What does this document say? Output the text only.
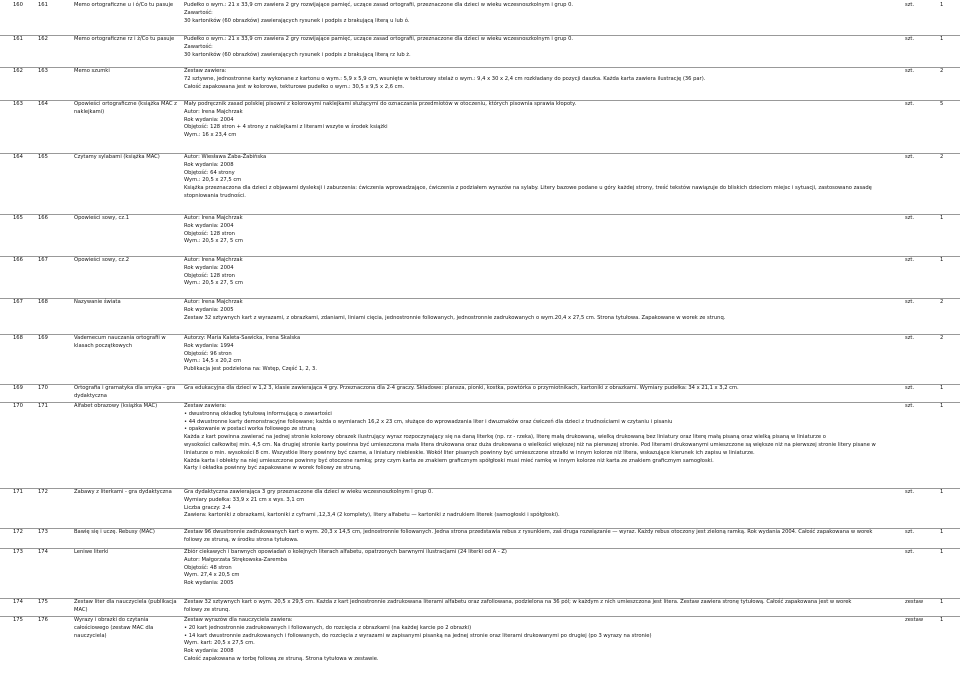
160	161	Memo ortograficzne u i ó/Co tu pasuje	Pudełko o wym.: 21 x 33,9 cm zawiera 2 gry rozwijające pamięć, uczące zasad ortografii, przeznaczone dla dzieci w wieku wczesnoszkolnym i grup 0.
Zawartość:
30 kartoników (60 obrazków) zawierających rysunek i podpis z brakującą literą u lub ó.
szt.	1
161	162	Memo ortograficzne rz i ż/Co tu pasuje	Pudełko o wym.: 21 x 33,9 cm zawiera 2 gry rozwijające pamięć, uczące zasad ortografii, przeznaczone dla dzieci w wieku wczesnoszkolnym i grup 0.
Zawartość:
30 kartoników (60 obrazków) zawierających rysunek i podpis z brakującą literą rz lub ż.
szt.	1
162	163	Memo szumki	Zestaw zawiera:
72 sztywne, jednostronne karty wykonane z kartonu o wym.: 5,9 x 5,9 cm, wsunięte w tekturowy stelaż o wym.: 9,4 x 30 x 2,4 cm rozkładany do pozycji daszka. Każda karta zawiera ilustrację (36 par).
Całość zapakowana jest w kolorowe, tekturowe pudełko o wym.: 30,5 x 9,5 x 2,6 cm.
szt.	2
163	164	Opowieści ortograficzne (książka MAC z
naklejkami)
Mały podręcznik zasad polskiej pisowni z kolorowymi naklejkami służącymi do oznaczania przedmiotów w otoczeniu, których pisownia sprawia kłopoty.
Autor: Irena Majchrzak
Rok wydania: 2004
Objętość: 128 stron + 4 strony z naklejkami z literami wszyte w środek książki
Wym.: 16 x 23,4 cm
szt.	5
164	165	Czytamy sylabami (książka MAC)	Autor: Wiesława Żaba-Żabińska
Rok wydania: 2008
Objętość: 64 strony
Wym.: 20,5 x 27,5 cm
Książka przeznaczona dla dzieci z objawami dysleksji i zaburzenia: ćwiczenia wprowadzające, ćwiczenia z podziałem wyrazów na sylaby. Litery bazowe podane u góry każdej strony, treść tekstów nawiązuje do bliskich dzieciom miejsc i sytuacji, zastosowano zasadę
stopniowania trudności.
szt.	2
165	166	Opowieści sowy, cz.1	Autor: Irena Majchrzak
Rok wydania: 2004
Objętość: 128 stron
Wym.: 20,5 x 27, 5 cm
szt.	1
166	167	Opowieści sowy, cz.2	Autor: Irena Majchrzak
Rok wydania: 2004
Objętość: 128 stron
Wym.: 20,5 x 27, 5 cm
szt.	1
167	168	Nazywanie świata	Autor: Irena Majchrzak
Rok wydania: 2005
Zestaw 32 sztywnych kart z wyrazami, z obrazkami, zdaniami, liniami cięcia, jednostronnie foliowanych, jednostronnie zadrukowanych o wym.20,4 x 27,5 cm. Strona tytułowa. Zapakowane w worek ze strunq.
szt.	2
168	169	Vademecum nauczania ortografii w
klasach początkowych
Autorzy: Maria Kaleta-Sawicka, Irena Skalska
Rok wydania: 1994
Objętość: 96 stron
Wym.: 14,5 x 20,2 cm
Publikacja jest podzielona na: Wstęp, Część 1, 2, 3.
szt.	2
169	170	Ortografia i gramatyka dla smyka - gra
dydaktyczna
Gra edukacyjna dla dzieci w 1,2 3, klasie zawierająca 4 gry. Przeznaczona dla 2-4 graczy. Składowe: plansza, pionki, kostka, powtórka o przymiotnikach, kartoniki z obrazkami. Wymiary pudełka: 34 x 21,1 x 3,2 cm.	szt.	1
170	171	Alfabet obrazowy (książka MAC)	Zestaw zawiera:
• dwustronną okładkę tytułową informującą o zawartości
• 44 dwustronne karty demonstracyjne foliowane; każda o wymiarach 16,2 x 23 cm, służące do wprowadzania liter i dwuznaków oraz ćwiczeń dla dzieci z trudnościami w czytaniu i pisaniu
• opakowanie w postaci worka foliowego ze struną
Każda z kart powinna zawierać na jednej stronie kolorowy obrazek ilustrujący wyraz rozpoczynający się na daną literkę (np. rz - rzeka), literę małą drukowaną, wielką drukowaną bez liniatury oraz literę małą pisaną oraz wielką pisaną w liniaturze o
wysokości całkowitej min. 4,5 cm. Na drugiej stronie karty powinna być umieszczona mała litera drukowana oraz duża drukowana o wielkości większej niż na pierwszej stronie. Pod literami drukowanymi umieszczone są większe niż na pierwszej stronie litery pisane w
liniaturze o min. wysokości 8 cm. Wszystkie litery powinny być czarne, a liniatury niebieskie. Wokół liter pisanych powinny być umieszczone strzałki w innym kolorze niż litera, wskazujące kierunek ich zapisu w liniaturze.
Każda karta i obłekty na niej umieszczone powinny być otoczone ramką; przy czym karta ze znakiem graficznym spółgłoski musi mieć ramkę w innym kolorze niż karta ze znakiem graficznym samogłoski.
Karty i okładka powinny być zapakowane w worek foliowy ze struną.
szt.	1
171	172	Zabawy z literkami - gra dydaktyczna	Gra dydaktyczna zawierająca 3 gry przeznaczone dla dzieci w wieku wczesnoszkolnym i grup 0.
Wymiary pudełka: 33,9 x 21 cm x wys. 3,1 cm
Liczba graczy: 2-4
Zawiera: kartoniki z obrazkami, kartoniki z cyframi ,12,3,4 (2 komplety), litery alfabetu — kartoniki z nadrukiem literek (samogłoski i spółgłoski).
szt.	1
172	173	Bawię się i uczę. Rebusy (MAC)	Zestaw 96 dwustronnie zadrukowanych kart o wym. 20,3 x 14,5 cm, jednostronnie foliowanych. Jedna strona przedstawia rebus z rysunkiem, zaś druga rozwiązanie — wyraz. Każdy rebus otoczony jest zieloną ramką. Rok wydania 2004. Całość zapakowana w worek
foliowy ze struną, w środku strona tytułowa.
szt.	1
173	174	Leniwe literki	Zbiór ciekawych i barwnych opowiadań o kolejnych literach alfabetu, opatrzonych barwnymi ilustracjami (24 literki od A - Z)
Autor: Małgorzata Strękowska-Zaremba
Objętość: 48 stron
Wym. 27,4 x 20,5 cm
Rok wydania: 2005
szt.	1
174	175	Zestaw liter dla nauczyciela (publikacja
MAC)
Zestaw 32 sztywnych kart o wym. 20,5 x 29,5 cm. Każda z kart jednostronnie zadrukowana literami alfabetu oraz zafoliowana, podzielona na 36 pól; w każdym z nich umieszczona jest litera. Zestaw zawiera stronę tytułową. Całość zapakowana jest w worek
foliowy ze strunq.
zestaw	1
175	176	Wyrazy i obrazki do czytania
całościowego (zestaw MAC dla
nauczyciela)
Zestaw wyrazów dla nauczyciela zawiera:
• 20 kart jednostronnie zadrukowanych i foliowanych, do rozcięcia z obrazkami (na każdej karcie po 2 obrazki)
• 14 kart dwustronnie zadrukowanych i foliowanych, do rozcięcia z wyrazami w zapisanymi pisanką na jednej stronie oraz literami drukowanymi po drugiej (po 3 wyrazy na stronie)
Wym. kart: 20,5 x 27,5 cm.
Rok wydania: 2008
Całość zapakowana w torbę foliową ze struną. Strona tytułowa w zestawie.
zestaw	1
